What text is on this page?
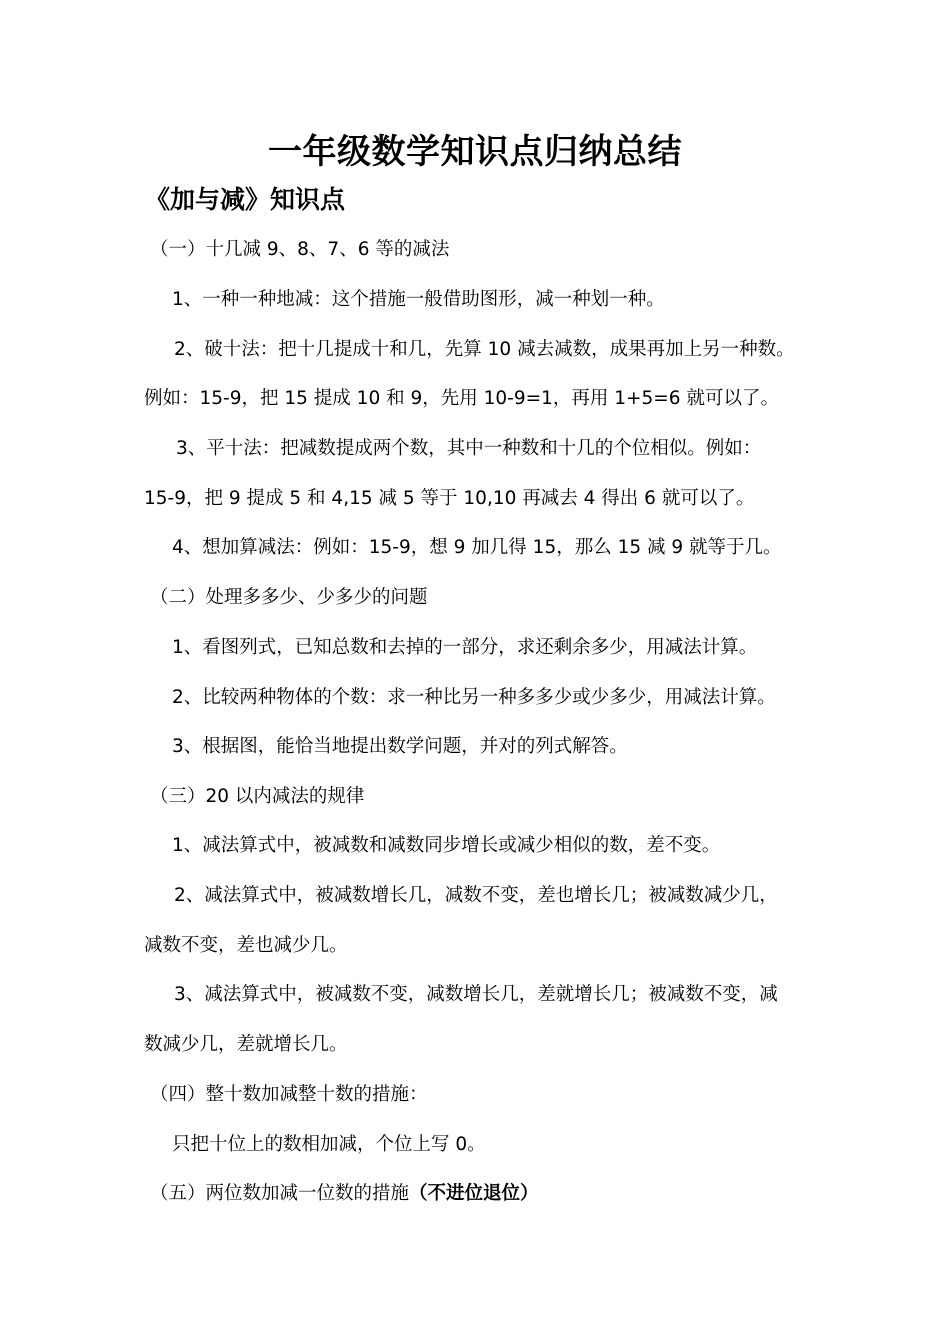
一年级数学知识点归纳总结
《加与减》知识点
（一）十几减 9、8、7、6 等的减法
1、一种一种地减：这个措施一般借助图形，减一种划一种。
2、破十法：把十几提成十和几，先算 10 减去减数，成果再加上另一种数。
例如：15-9，把 15 提成 10 和 9，先用 10-9=1，再用 1+5=6 就可以了。
3、平十法：把减数提成两个数，其中一种数和十几的个位相似。例如：
15-9，把 9 提成 5 和 4,15 减 5 等于 10,10 再减去 4 得出 6 就可以了。
4、想加算减法：例如：15-9，想 9 加几得 15，那么 15 减 9 就等于几。
（二）处理多多少、少多少的问题
1、看图列式，已知总数和去掉的一部分，求还剩余多少，用减法计算。
2、比较两种物体的个数：求一种比另一种多多少或少多少，用减法计算。
3、根据图，能恰当地提出数学问题，并对的列式解答。
（三）20 以内减法的规律
1、减法算式中，被减数和减数同步增长或减少相似的数，差不变。
2、减法算式中，被减数增长几，减数不变，差也增长几；被减数减少几，
减数不变，差也减少几。
3、减法算式中，被减数不变，减数增长几，差就增长几；被减数不变，减
数减少几，差就增长几。
（四）整十数加减整十数的措施：
只把十位上的数相加减，个位上写 0。
（五）两位数加减一位数的措施（不进位退位）
